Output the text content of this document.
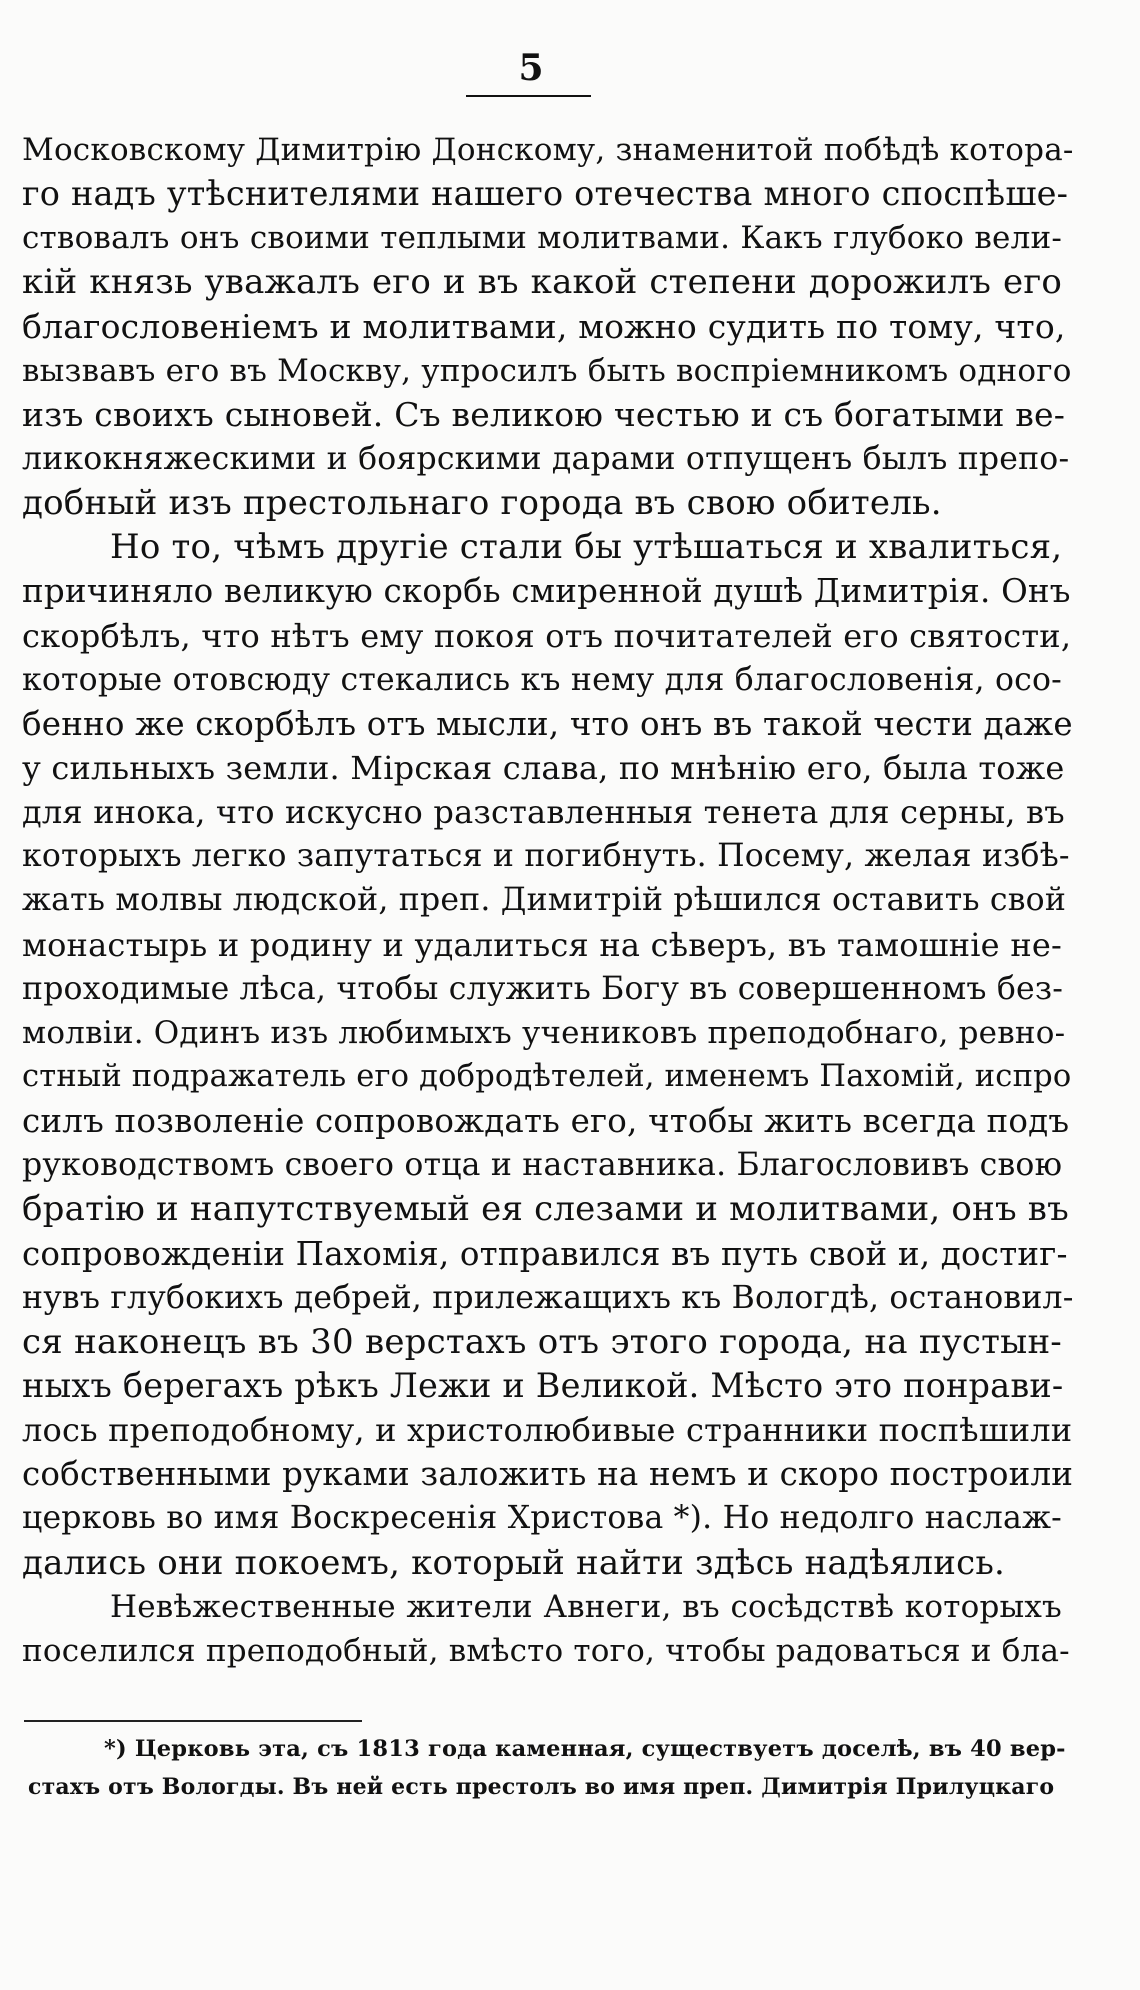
5
Московскому Димитрію Донскому, знаменитой побѣдѣ которa-
го надъ утѣснителями нашего отечества много споспѣше-
ствовалъ онъ своими теплыми молитвами. Какъ глубоко вели-
кій князь уважалъ его и въ какой степени дорожилъ его
благословеніемъ и молитвами, можно судить по тому, что,
вызвавъ его въ Москву, упросилъ быть воспріемникомъ одного
изъ своихъ сыновей. Съ великою честью и съ богатыми ве-
ликокняжескими и боярскими дарами отпущенъ былъ препо-
добный изъ престольнаго города въ свою обитель.
Но то, чѣмъ другіе стали бы утѣшаться и хвалиться,
причиняло великую скорбь смиренной душѣ Димитрія. Онъ
скорбѣлъ, что нѣтъ ему покоя отъ почитателей его святости,
которые отовсюду стекались къ нему для благословенія, осо-
бенно же скорбѣлъ отъ мысли, что онъ въ такой чести даже
у сильныхъ земли. Мірская слава, по мнѣнію его, была тоже
для инока, что искусно разставленныя тенета для серны, въ
которыхъ легко запутаться и погибнуть. Посему, желая избѣ-
жать молвы людской, преп. Димитрій рѣшился оставить свой
монастырь и родину и удалиться на сѣверъ, въ тамошніе не-
проходимые лѣса, чтобы служить Богу въ совершенномъ без-
молвіи. Одинъ изъ любимыхъ учениковъ преподобнаго, ревно-
стный подражатель его добродѣтелей, именемъ Пахомій, испро
силъ позволеніе сопровождать его, чтобы жить всегда подъ
руководствомъ своего отца и наставника. Благословивъ свою
братію и напутствуемый ея слезами и молитвами, онъ въ
сопровожденіи Пахомія, отправился въ путь свой и, достиг-
нувъ глубокихъ дебрей, прилежащихъ къ Вологдѣ, остановил-
ся наконецъ въ 30 верстахъ отъ этого города, на пустын-
ныхъ берегахъ рѣкъ Лежи и Великой. Мѣсто это понрави-
лось преподобному, и христолюбивые странники поспѣшили
собственными руками заложить на немъ и скоро построили
церковь во имя Воскресенія Христова *). Но недолго наслаж-
дались они покоемъ, который найти здѣсь надѣялись.
Невѣжественные жители Авнеги, въ сосѣдствѣ которыхъ
поселился преподобный, вмѣсто того, чтобы радоваться и бла-
*) Церковь эта, съ 1813 года каменная, существуетъ доселѣ, въ 40 вер-
стахъ отъ Вологды. Въ ней есть престолъ во имя преп. Димитрія Прилуцкаго
